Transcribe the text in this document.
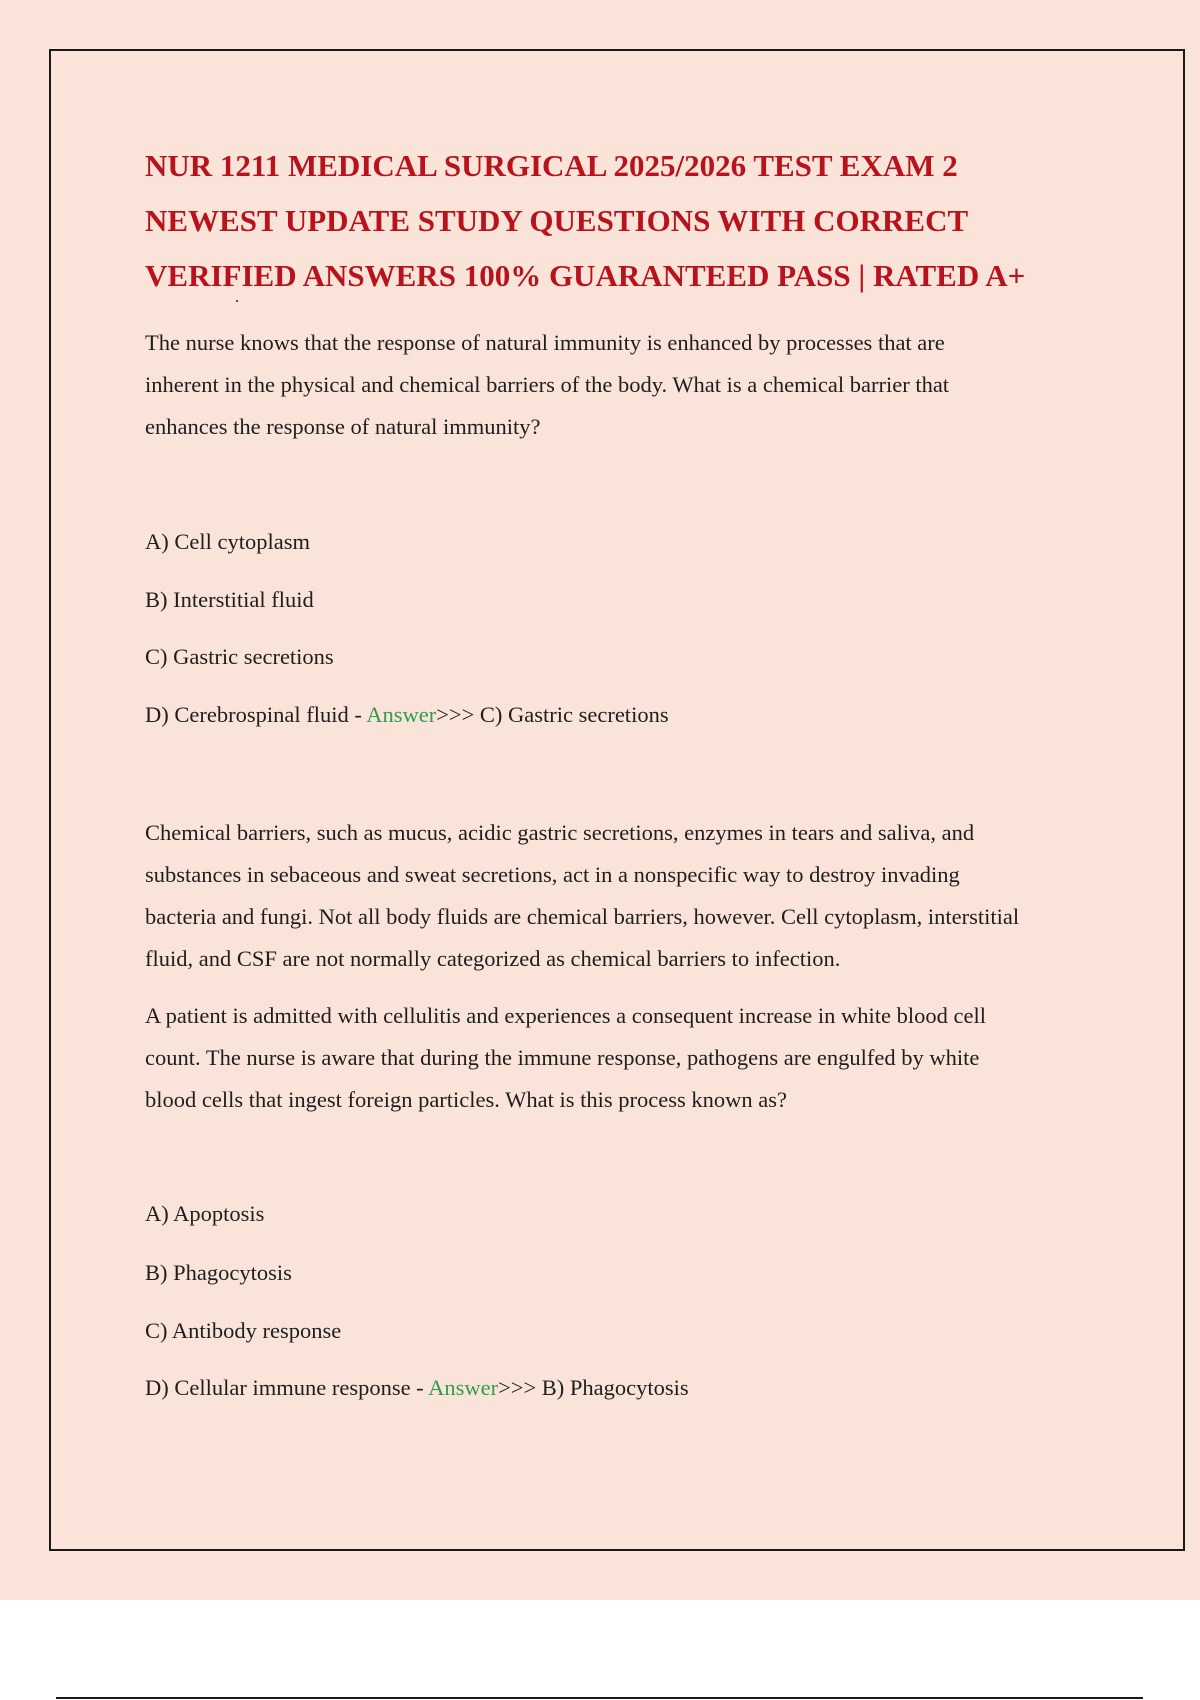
NUR 1211 MEDICAL SURGICAL 2025/2026 TEST EXAM 2
NEWEST UPDATE STUDY QUESTIONS WITH CORRECT
VERIFIED ANSWERS 100% GUARANTEED PASS | RATED A+

The nurse knows that the response of natural immunity is enhanced by processes that are
inherent in the physical and chemical barriers of the body. What is a chemical barrier that
enhances the response of natural immunity?

A) Cell cytoplasm

B) Interstitial fluid

C) Gastric secretions

D) Cerebrospinal fluid - Answer>>> C) Gastric secretions

Chemical barriers, such as mucus, acidic gastric secretions, enzymes in tears and saliva, and
substances in sebaceous and sweat secretions, act in a nonspecific way to destroy invading
bacteria and fungi. Not all body fluids are chemical barriers, however. Cell cytoplasm, interstitial
fluid, and CSF are not normally categorized as chemical barriers to infection.

A patient is admitted with cellulitis and experiences a consequent increase in white blood cell
count. The nurse is aware that during the immune response, pathogens are engulfed by white
blood cells that ingest foreign particles. What is this process known as?

A) Apoptosis

B) Phagocytosis

C) Antibody response

D) Cellular immune response - Answer>>> B) Phagocytosis
